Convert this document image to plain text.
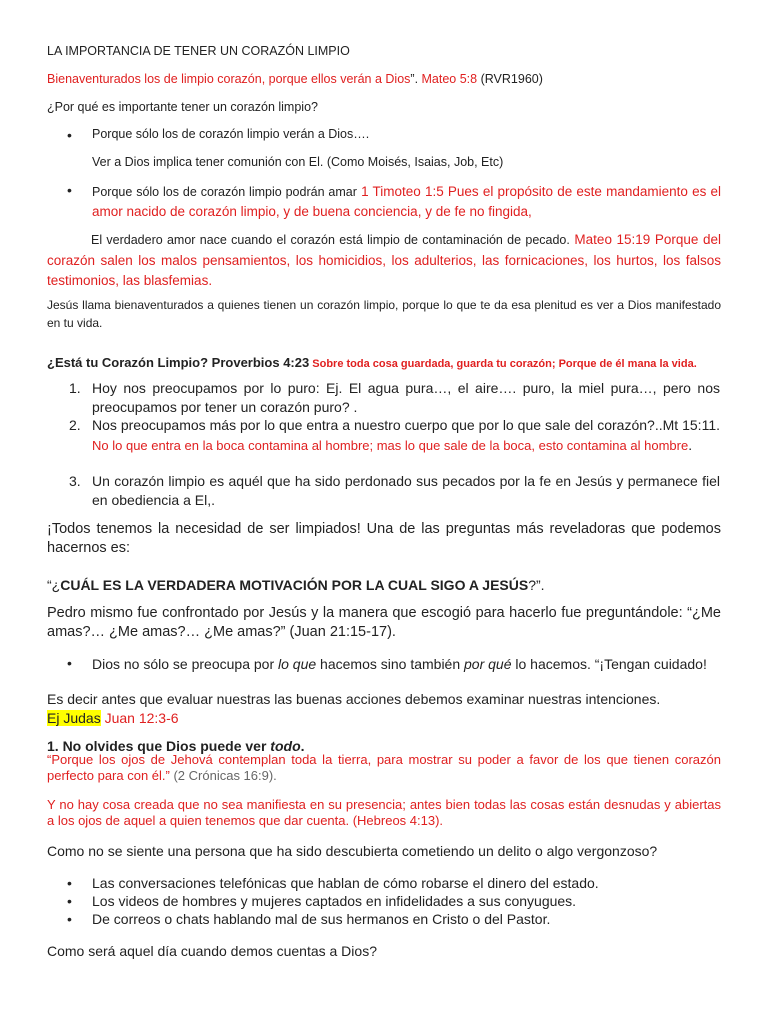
LA IMPORTANCIA DE TENER UN CORAZÓN LIMPIO

Bienaventurados los de limpio corazón, porque ellos verán a Dios”. Mateo 5:8 (RVR1960)

¿Por qué es importante tener un corazón limpio?

• Porque sólo los de corazón limpio verán a Dios….

Ver a Dios implica tener comunión con El. (Como Moisés, Isaias, Job, Etc)

• Porque sólo los de corazón limpio podrán amar 1 Timoteo 1:5 Pues el propósito de este mandamiento es el amor nacido de corazón limpio, y de buena conciencia, y de fe no fingida,

El verdadero amor nace cuando el corazón está limpio de contaminación de pecado. Mateo 15:19 Porque del corazón salen los malos pensamientos, los homicidios, los adulterios, las fornicaciones, los hurtos, los falsos testimonios, las blasfemias.

Jesús llama bienaventurados a quienes tienen un corazón limpio, porque lo que te da esa plenitud es ver a Dios manifestado en tu vida.

¿Está tu Corazón Limpio? Proverbios 4:23 Sobre toda cosa guardada, guarda tu corazón; Porque de él mana la vida.

1. Hoy nos preocupamos por lo puro: Ej. El agua pura…, el aire…. puro, la miel pura…, pero nos preocupamos por tener un corazón puro? .
2. Nos preocupamos más por lo que entra a nuestro cuerpo que por lo que sale del corazón?..Mt 15:11. No lo que entra en la boca contamina al hombre; mas lo que sale de la boca, esto contamina al hombre.
3. Un corazón limpio es aquél que ha sido perdonado sus pecados por la fe en Jesús y permanece fiel en obediencia a El,.

¡Todos tenemos la necesidad de ser limpiados! Una de las preguntas más reveladoras que podemos hacernos es:

“¿CUÁL ES LA VERDADERA MOTIVACIÓN POR LA CUAL SIGO A JESÚS?”.

Pedro mismo fue confrontado por Jesús y la manera que escogió para hacerlo fue preguntándole: “¿Me amas?… ¿Me amas?… ¿Me amas?” (Juan 21:15-17).

• Dios no sólo se preocupa por lo que hacemos sino también por qué lo hacemos. “¡Tengan cuidado!

Es decir antes que evaluar nuestras las buenas acciones debemos examinar nuestras intenciones.

Ej Judas Juan 12:3-6

1. No olvides que Dios puede ver todo.

“Porque los ojos de Jehová contemplan toda la tierra, para mostrar su poder a favor de los que tienen corazón perfecto para con él.” (2 Crónicas 16:9).

Y no hay cosa creada que no sea manifiesta en su presencia; antes bien todas las cosas están desnudas y abiertas a los ojos de aquel a quien tenemos que dar cuenta. (Hebreos 4:13).

Como no se siente una persona que ha sido descubierta cometiendo un delito o algo vergonzoso?

• Las conversaciones telefónicas que hablan de cómo robarse el dinero del estado.
• Los videos de hombres y mujeres captados en infidelidades a sus conyugues.
• De correos o chats hablando mal de sus hermanos en Cristo o del Pastor.

Como será aquel día cuando demos cuentas a Dios?
